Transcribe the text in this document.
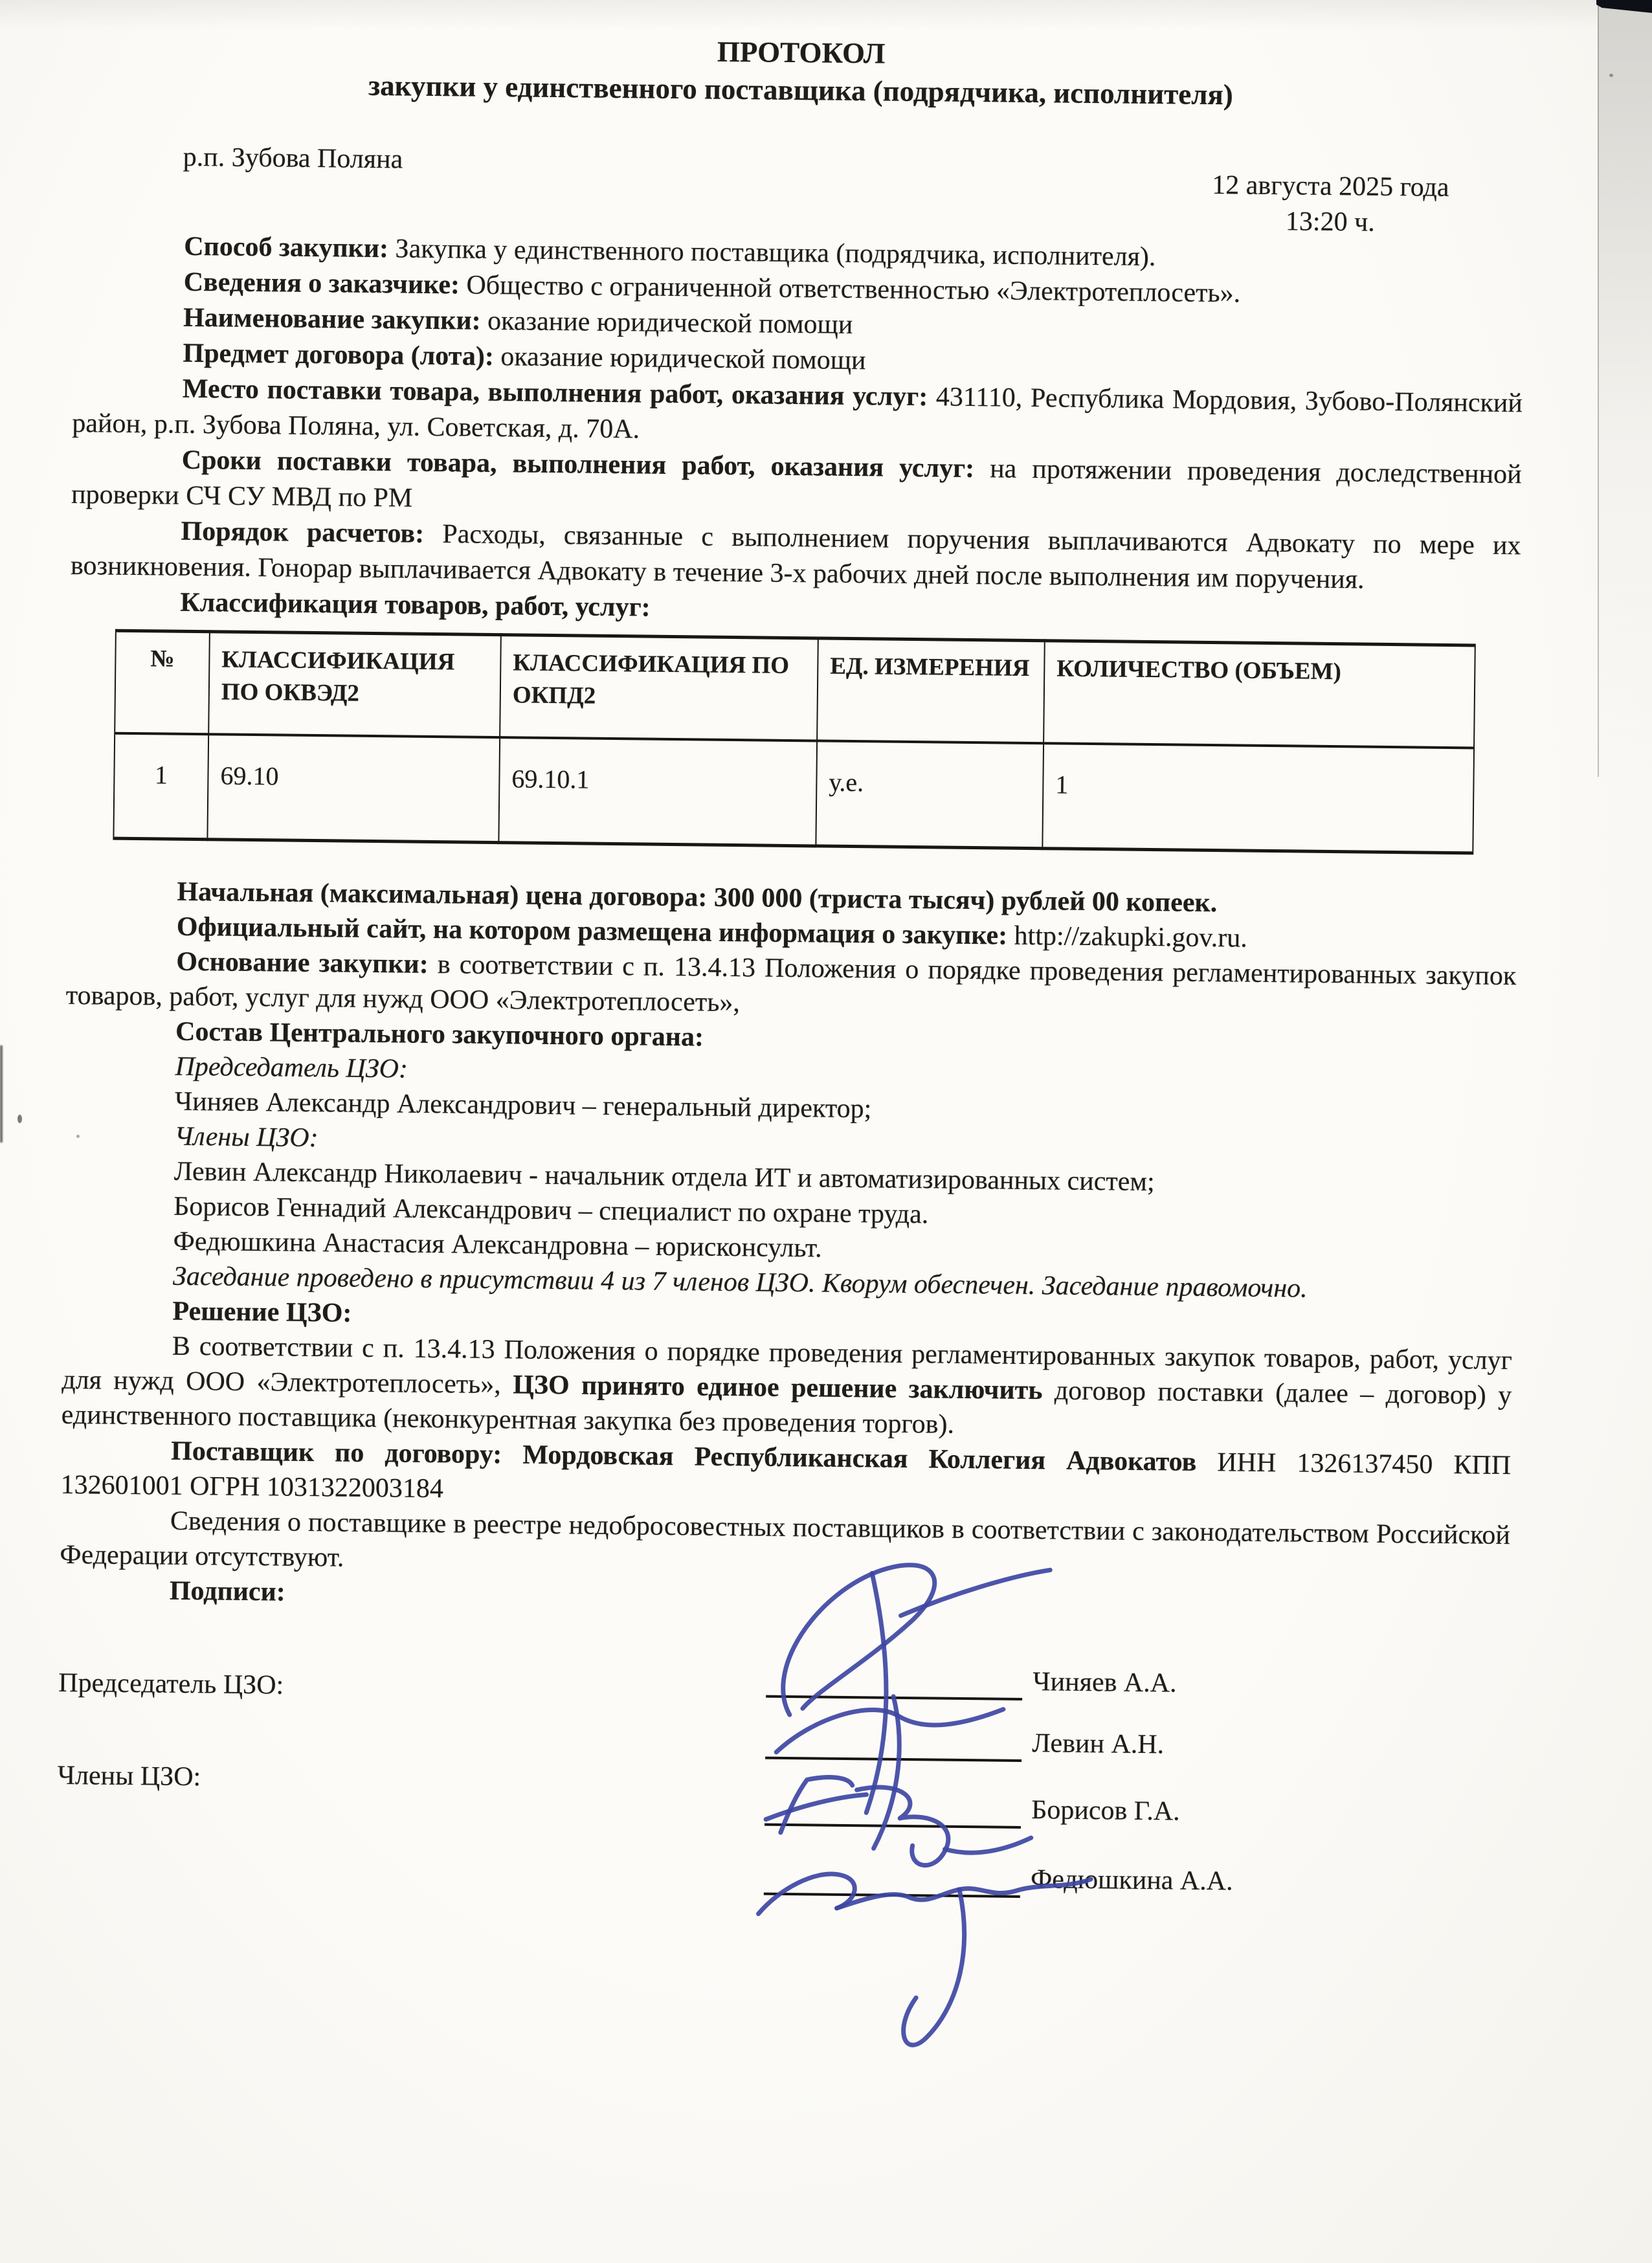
ПРОТОКОЛ

закупки у единственного поставщика (подрядчика, исполнителя)

р.п. Зубова Поляна
12 августа 2025 года
13:20 ч.

Способ закупки: Закупка у единственного поставщика (подрядчика, исполнителя).

Сведения о заказчике: Общество с ограниченной ответственностью «Электротеплосеть».

Наименование закупки: оказание юридической помощи

Предмет договора (лота): оказание юридической помощи

Место поставки товара, выполнения работ, оказания услуг: 431110, Республика Мордовия, Зубово-Полянский район, р.п. Зубова Поляна, ул. Советская, д. 70А.

Сроки поставки товара, выполнения работ, оказания услуг: на протяжении проведения доследственной проверки СЧ СУ МВД по РМ

Порядок расчетов: Расходы, связанные с выполнением поручения выплачиваются Адвокату по мере их возникновения. Гонорар выплачивается Адвокату в течение 3-х рабочих дней после выполнения им поручения.

Классификация товаров, работ, услуг:

№	КЛАССИФИКАЦИЯ ПО ОКВЭД2	КЛАССИФИКАЦИЯ ПО ОКПД2	ЕД. ИЗМЕРЕНИЯ	КОЛИЧЕСТВО (ОБЪЕМ)
1	69.10	69.10.1	у.е.	1

Начальная (максимальная) цена договора: 300 000 (триста тысяч) рублей 00 копеек.

Официальный сайт, на котором размещена информация о закупке: http://zakupki.gov.ru.

Основание закупки: в соответствии с п. 13.4.13 Положения о порядке проведения регламентированных закупок товаров, работ, услуг для нужд ООО «Электротеплосеть»,

Состав Центрального закупочного органа:

Председатель ЦЗО:

Чиняев Александр Александрович – генеральный директор;

Члены ЦЗО:

Левин Александр Николаевич - начальник отдела ИТ и автоматизированных систем;

Борисов Геннадий Александрович – специалист по охране труда.

Федюшкина Анастасия Александровна – юрисконсульт.

Заседание проведено в присутствии 4 из 7 членов ЦЗО. Кворум обеспечен. Заседание правомочно.

Решение ЦЗО:

В соответствии с п. 13.4.13 Положения о порядке проведения регламентированных закупок товаров, работ, услуг для нужд ООО «Электротеплосеть», ЦЗО принято единое решение заключить договор поставки (далее – договор) у единственного поставщика (неконкурентная закупка без проведения торгов).

Поставщик по договору: Мордовская Республиканская Коллегия Адвокатов ИНН 1326137450 КПП 132601001 ОГРН 1031322003184

Сведения о поставщике в реестре недобросовестных поставщиков в соответствии с законодательством Российской Федерации отсутствуют.

Подписи:

Председатель ЦЗО:
Члены ЦЗО:
Чиняев А.А.
Левин А.Н.
Борисов Г.А.
Федюшкина А.А.
